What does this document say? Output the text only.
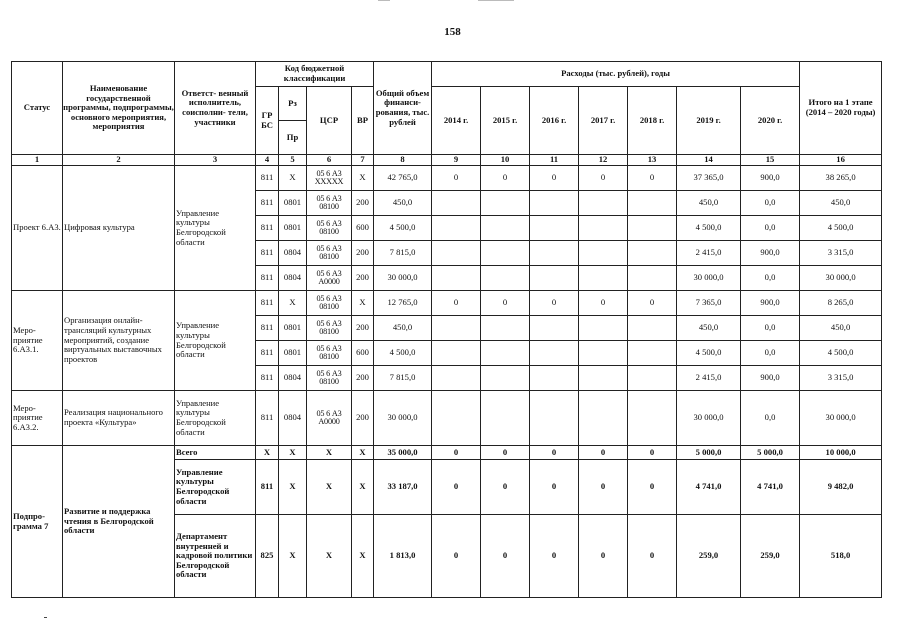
158
Статус	Наименование государственной программы, подпрограммы, основного мероприятия, мероприятия	Ответст- венный исполнитель, соисполни- тели, участники	Код бюджетной классификации				Общий объем финанси- рования, тыс. рублей	Расходы (тыс. рублей), годы							Итого на 1 этапе (2014 – 2020 годы)
			ГР БС	Рз	ЦСР	ВР		2014 г.	2015 г.	2016 г.	2017 г.	2018 г.	2019 г.	2020 г.	
				Пр											
1	2	3	4	5	6	7	8	9	10	11	12	13	14	15	16
Проект 6.А3.	Цифровая культура	Управление культуры Белгородской области	811	Х	05 6 А3 ХХХХХ	Х	42 765,0	0	0	0	0	0	37 365,0	900,0	38 265,0
			811	0801	05 6 А3 08100	200	450,0						450,0	0,0	450,0
			811	0801	05 6 А3 08100	600	4 500,0						4 500,0	0,0	4 500,0
			811	0804	05 6 А3 08100	200	7 815,0						2 415,0	900,0	3 315,0
			811	0804	05 6 А3 А0000	200	30 000,0						30 000,0	0,0	30 000,0
Меро- приятие 6.А3.1.	Организация онлайн- трансляций культурных мероприятий, создание виртуальных выставочных проектов	Управление культуры Белгородской области	811	Х	05 6 А3 08100	Х	12 765,0	0	0	0	0	0	7 365,0	900,0	8 265,0
			811	0801	05 6 А3 08100	200	450,0						450,0	0,0	450,0
			811	0801	05 6 А3 08100	600	4 500,0						4 500,0	0,0	4 500,0
			811	0804	05 6 А3 08100	200	7 815,0						2 415,0	900,0	3 315,0
Меро- приятие 6.А3.2.	Реализация национального проекта «Культура»	Управление культуры Белгородской области	811	0804	05 6 А3 А0000	200	30 000,0						30 000,0	0,0	30 000,0
Подпро- грамма 7	Развитие и поддержка чтения в Белгородской области	Всего	Х	Х	Х	Х	35 000,0	0	0	0	0	0	5 000,0	5 000,0	10 000,0
		Управление культуры Белгородской области	811	Х	Х	Х	33 187,0	0	0	0	0	0	4 741,0	4 741,0	9 482,0
		Департамент внутренней и кадровой политики Белгородской области	825	Х	Х	Х	1 813,0	0	0	0	0	0	259,0	259,0	518,0
